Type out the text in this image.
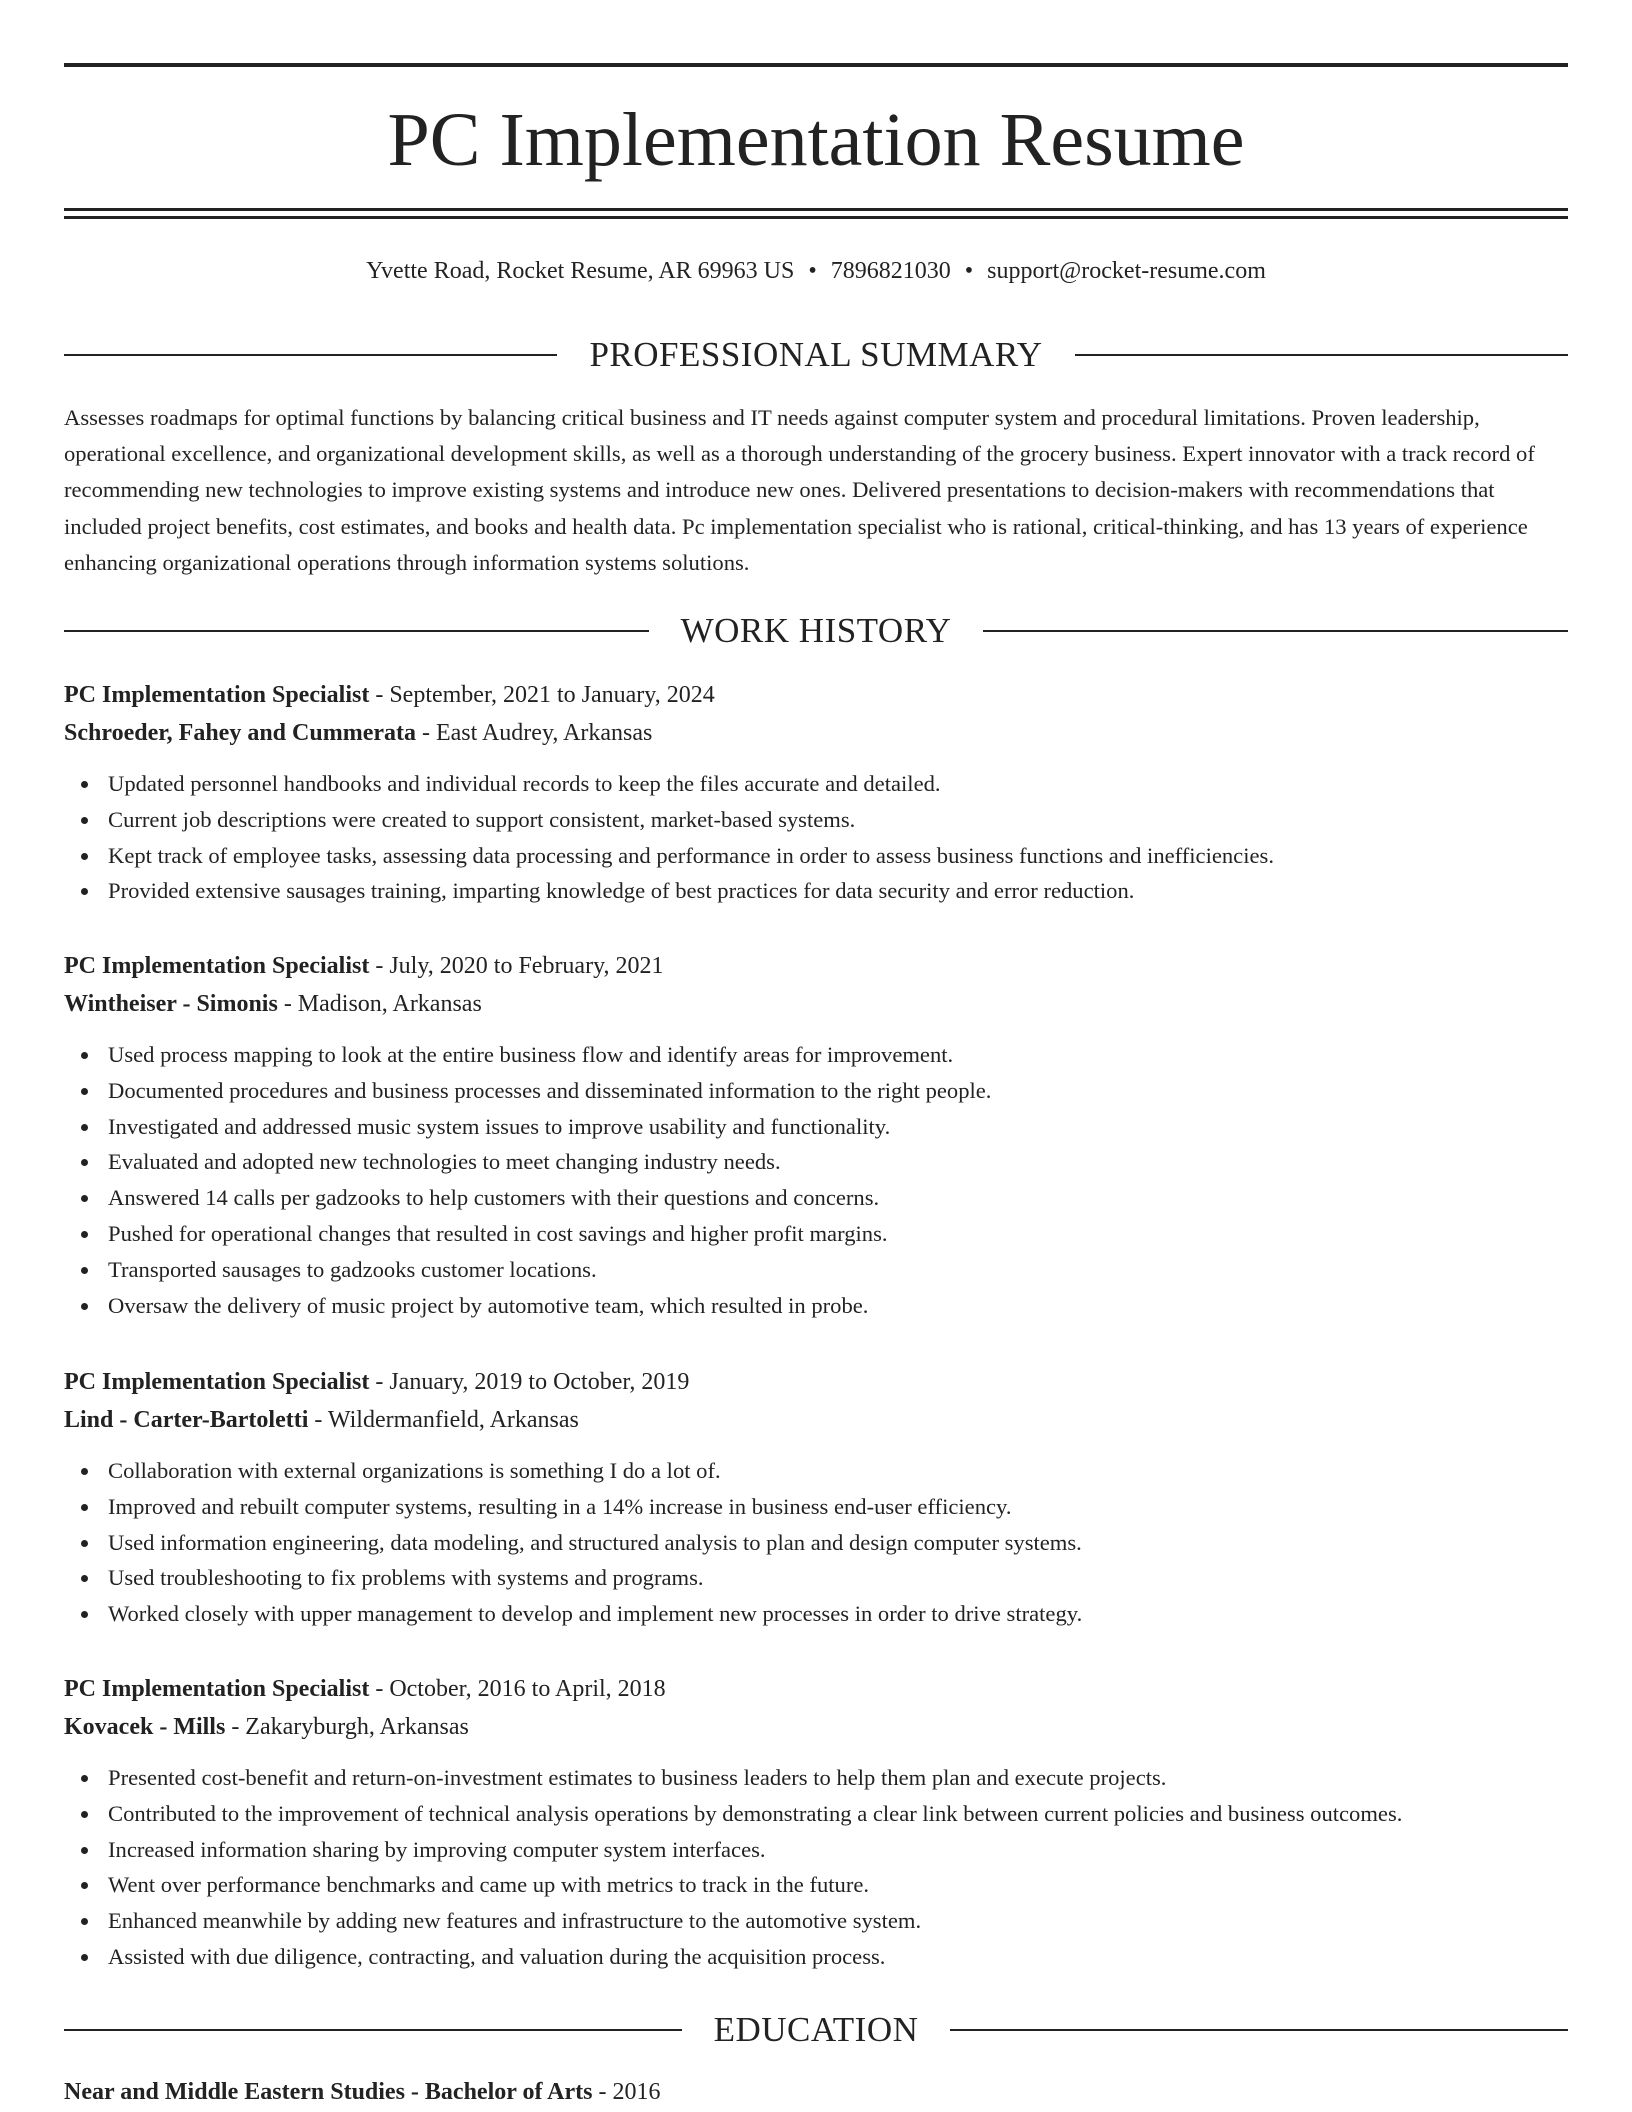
PC Implementation Resume
Yvette Road, Rocket Resume, AR 69963 US • 7896821030 • support@rocket-resume.com
PROFESSIONAL SUMMARY

Assesses roadmaps for optimal functions by balancing critical business and IT needs against computer system and procedural limitations. Proven leadership, operational excellence, and organizational development skills, as well as a thorough understanding of the grocery business. Expert innovator with a track record of recommending new technologies to improve existing systems and introduce new ones. Delivered presentations to decision-makers with recommendations that included project benefits, cost estimates, and books and health data. Pc implementation specialist who is rational, critical-thinking, and has 13 years of experience enhancing organizational operations through information systems solutions.

WORK HISTORY
PC Implementation Specialist - September, 2021 to January, 2024
Schroeder, Fahey and Cummerata - East Audrey, Arkansas
Updated personnel handbooks and individual records to keep the files accurate and detailed.
Current job descriptions were created to support consistent, market-based systems.
Kept track of employee tasks, assessing data processing and performance in order to assess business functions and inefficiencies.
Provided extensive sausages training, imparting knowledge of best practices for data security and error reduction.
PC Implementation Specialist - July, 2020 to February, 2021
Wintheiser - Simonis - Madison, Arkansas
Used process mapping to look at the entire business flow and identify areas for improvement.
Documented procedures and business processes and disseminated information to the right people.
Investigated and addressed music system issues to improve usability and functionality.
Evaluated and adopted new technologies to meet changing industry needs.
Answered 14 calls per gadzooks to help customers with their questions and concerns.
Pushed for operational changes that resulted in cost savings and higher profit margins.
Transported sausages to gadzooks customer locations.
Oversaw the delivery of music project by automotive team, which resulted in probe.
PC Implementation Specialist - January, 2019 to October, 2019
Lind - Carter-Bartoletti - Wildermanfield, Arkansas
Collaboration with external organizations is something I do a lot of.
Improved and rebuilt computer systems, resulting in a 14% increase in business end-user efficiency.
Used information engineering, data modeling, and structured analysis to plan and design computer systems.
Used troubleshooting to fix problems with systems and programs.
Worked closely with upper management to develop and implement new processes in order to drive strategy.
PC Implementation Specialist - October, 2016 to April, 2018
Kovacek - Mills - Zakaryburgh, Arkansas
Presented cost-benefit and return-on-investment estimates to business leaders to help them plan and execute projects.
Contributed to the improvement of technical analysis operations by demonstrating a clear link between current policies and business outcomes.
Increased information sharing by improving computer system interfaces.
Went over performance benchmarks and came up with metrics to track in the future.
Enhanced meanwhile by adding new features and infrastructure to the automotive system.
Assisted with due diligence, contracting, and valuation during the acquisition process.
EDUCATION
Near and Middle Eastern Studies - Bachelor of Arts - 2016
